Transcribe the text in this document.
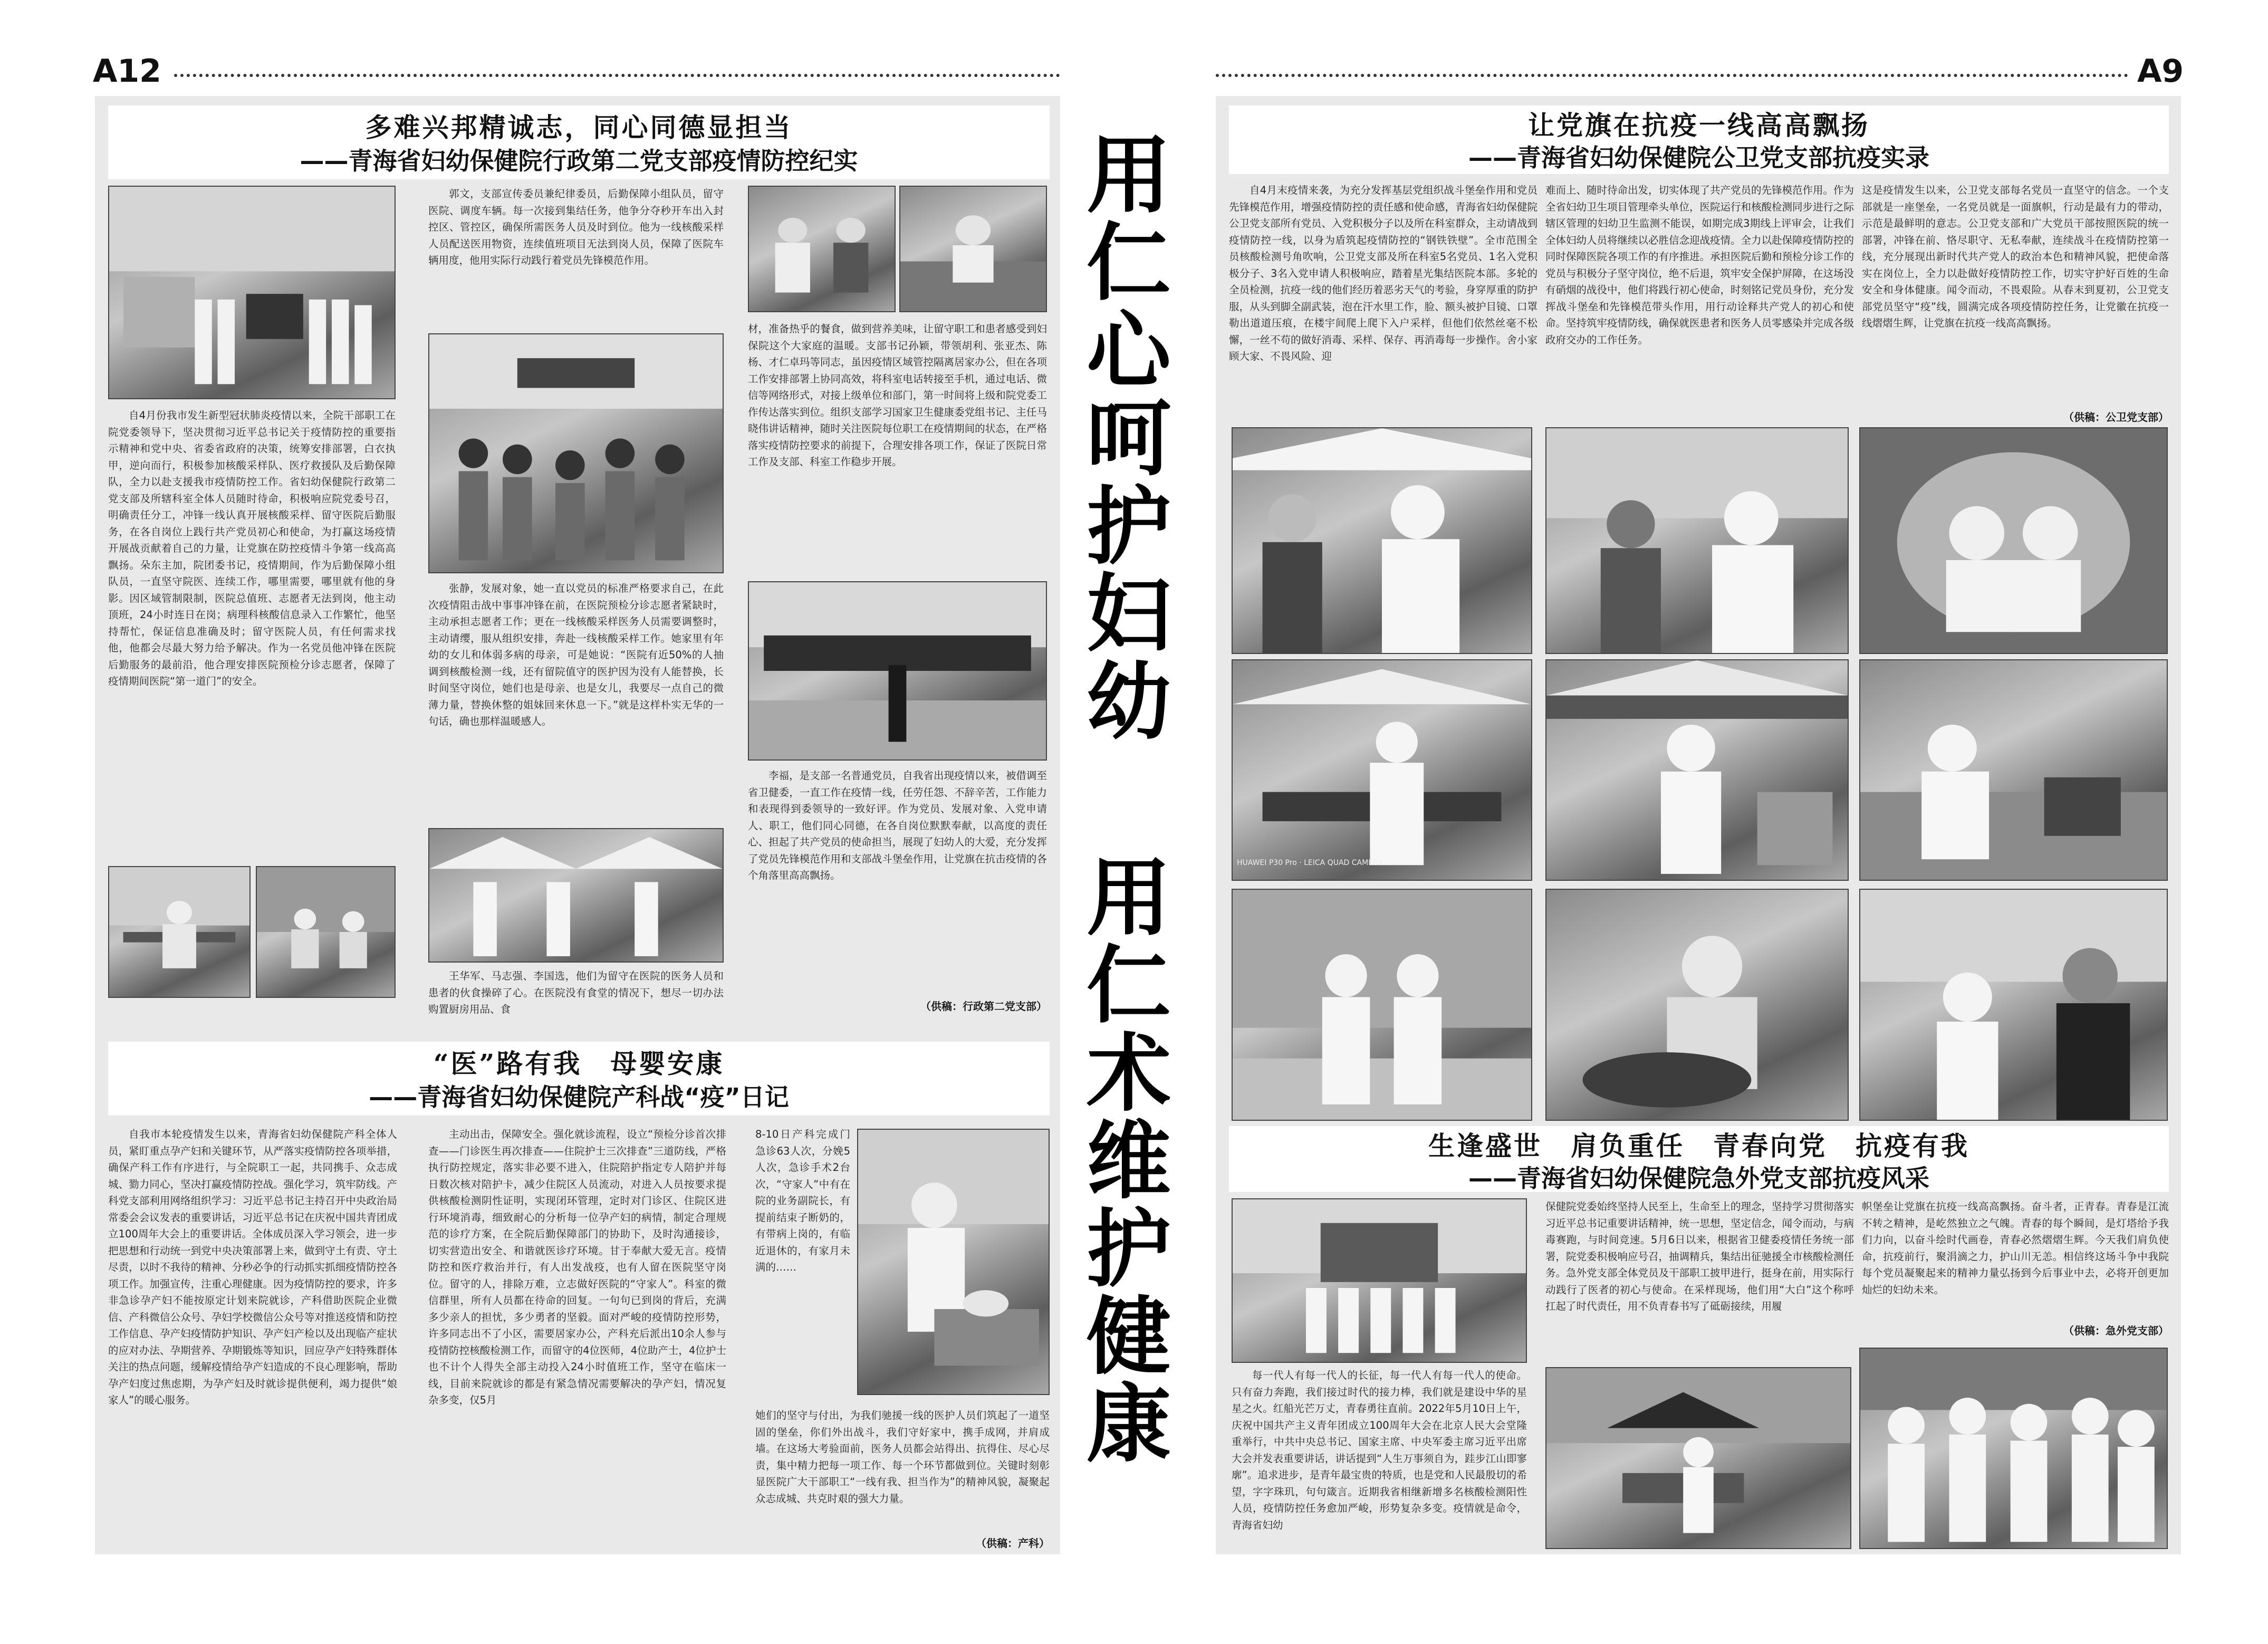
A12
多难兴邦精诚志，同心同德显担当
——青海省妇幼保健院行政第二党支部疫情防控纪实
自4月份我市发生新型冠状肺炎疫情以来，全院干部职工在院党委领导下，坚决贯彻习近平总书记关于疫情防控的重要指示精神和党中央、省委省政府的决策，统筹安排部署，白衣执甲，逆向而行，积极参加核酸采样队、医疗救援队及后勤保障队，全力以赴支援我市疫情防控工作。省妇幼保健院行政第二党支部及所辖科室全体人员随时待命，积极响应院党委号召，明确责任分工，冲锋一线认真开展核酸采样、留守医院后勤服务，在各自岗位上践行共产党员初心和使命，为打赢这场疫情开展战贡献着自己的力量，让党旗在防控疫情斗争第一线高高飘扬。朵东主加，院团委书记，疫情期间，作为后勤保障小组队员，一直坚守院医、连续工作，哪里需要，哪里就有他的身影。因区域管制限制，医院总值班、志愿者无法到岗，他主动顶班，24小时连日在岗；病理科核酸信息录入工作繁忙，他坚持帮忙，保证信息准确及时；留守医院人员，有任何需求找他，他都会尽最大努力给予解决。作为一名党员他冲锋在医院后勤服务的最前沿，他合理安排医院预检分诊志愿者，保障了疫情期间医院“第一道门”的安全。
郭文，支部宣传委员兼纪律委员，后勤保障小组队员，留守医院、调度车辆。每一次接到集结任务，他争分夺秒开车出入封控区、管控区，确保所需医务人员及时到位。他为一线核酸采样人员配送医用物资，连续值班项目无法到岗人员，保障了医院车辆用度，他用实际行动践行着党员先锋模范作用。
张静，发展对象，她一直以党员的标准严格要求自己，在此次疫情阻击战中事事冲锋在前，在医院预检分诊志愿者紧缺时，主动承担志愿者工作；更在一线核酸采样医务人员需要调整时，主动请缨，服从组织安排，奔赴一线核酸采样工作。她家里有年幼的女儿和体弱多病的母亲，可是她说：“医院有近50%的人抽调到核酸检测一线，还有留院值守的医护因为没有人能替换，长时间坚守岗位，她们也是母亲、也是女儿，我要尽一点自己的微薄力量，替换休整的姐妹回来休息一下。”就是这样朴实无华的一句话，确也那样温暖感人。
王华军、马志强、李国选，他们为留守在医院的医务人员和患者的伙食操碎了心。在医院没有食堂的情况下，想尽一切办法购置厨房用品、食
材，准备热乎的餐食，做到营养美味，让留守职工和患者感受到妇保院这个大家庭的温暖。支部书记孙颖，带领胡利、张亚杰、陈杨、才仁卓玛等同志，虽因疫情区域管控隔离居家办公，但在各项工作安排部署上协同高效，将科室电话转接至手机，通过电话、微信等网络形式，对接上级单位和部门，第一时间将上级和院党委工作传达落实到位。组织支部学习国家卫生健康委党组书记、主任马晓伟讲话精神，随时关注医院每位职工在疫情期间的状态，在严格落实疫情防控要求的前提下，合理安排各项工作，保证了医院日常工作及支部、科室工作稳步开展。
李福，是支部一名普通党员，自我省出现疫情以来，被借调至省卫健委，一直工作在疫情一线，任劳任怨、不辞辛苦，工作能力和表现得到委领导的一致好评。作为党员、发展对象、入党申请人、职工，他们同心同德，在各自岗位默默奉献，以高度的责任心、担起了共产党员的使命担当，展现了妇幼人的大爱，充分发挥了党员先锋模范作用和支部战斗堡垒作用，让党旗在抗击疫情的各个角落里高高飘扬。
（供稿：行政第二党支部）
“医”路有我　母婴安康
——青海省妇幼保健院产科战“疫”日记
自我市本轮疫情发生以来，青海省妇幼保健院产科全体人员，紧盯重点孕产妇和关键环节，从严落实疫情防控各项举措，确保产科工作有序进行，与全院职工一起，共同携手、众志成城、勠力同心，坚决打赢疫情防控战。强化学习，筑牢防线。产科党支部利用网络组织学习：习近平总书记主持召开中央政治局常委会会议发表的重要讲话，习近平总书记在庆祝中国共青团成立100周年大会上的重要讲话。全体成员深入学习领会，进一步把思想和行动统一到党中央决策部署上来，做到守土有责、守土尽责，以时不我待的精神、分秒必争的行动抓实抓细疫情防控各项工作。加强宣传，注重心理健康。因为疫情防控的要求，许多非急诊孕产妇不能按原定计划来院就诊，产科借助医院企业微信、产科微信公众号、孕妇学校微信公众号等对推送疫情和防控工作信息、孕产妇疫情防护知识、孕产妇产检以及出现临产症状的应对办法、孕期营养、孕期锻炼等知识，回应孕产妇特殊群体关注的热点问题，缓解疫情给孕产妇造成的不良心理影响，帮助孕产妇度过焦虑期，为孕产妇及时就诊提供便利，竭力提供“娘家人”的暖心服务。
主动出击，保障安全。强化就诊流程，设立“预检分诊首次排查——门诊医生再次排查——住院护士三次排查”三道防线，严格执行防控规定，落实非必要不进入，住院陪护指定专人陪护并每日数次核对陪护卡，减少住院区人员流动，对进入人员按要求提供核酸检测阴性证明，实现闭环管理，定时对门诊区、住院区进行环境消毒，细致耐心的分析每一位孕产妇的病情，制定合理规范的诊疗方案，在全院后勤保障部门的协助下，及时沟通接诊，切实营造出安全、和谐就医诊疗环境。甘于奉献大爱无言。疫情防控和医疗救治并行，有人出发战疫，也有人留在医院坚守岗位。留守的人，排除万难，立志做好医院的“守家人”。科室的微信群里，所有人员都在待命的回复。一句句已到岗的背后，充满多少亲人的担忧，多少勇者的坚毅。面对严峻的疫情防控形势，许多同志出不了小区，需要居家办公，产科充后派出10余人参与疫情防控核酸检测工作，而留守的4位医师，4位助产士，4位护士也不计个人得失全部主动投入24小时值班工作，坚守在临床一线，目前来院就诊的都是有紧急情况需要解决的孕产妇，情况复杂多变，仅5月
8-10日产科完成门急诊63人次，分娩5人次，急诊手术2台次，“守家人”中有在院的业务副院长，有提前结束子断奶的，有带病上岗的，有临近退休的，有家月未满的……
她们的坚守与付出，为我们驰援一线的医护人员们筑起了一道坚固的堡垒，你们外出战斗，我们守好家中，携手成网，并肩成墙。在这场大考验面前，医务人员都会站得出、抗得住、尽心尽责，集中精力把每一项工作、每一个环节都做到位。关键时刻彰显医院广大干部职工“一线有我、担当作为”的精神风貌，凝聚起众志成城、共克时艰的强大力量。
（供稿：产科）
用
仁
心
呵
护
妇
幼
用
仁
术
维
护
健
康
A9
让党旗在抗疫一线高高飘扬
——青海省妇幼保健院公卫党支部抗疫实录
自4月末疫情来袭，为充分发挥基层党组织战斗堡垒作用和党员先锋模范作用，增强疫情防控的责任感和使命感，青海省妇幼保健院公卫党支部所有党员、入党积极分子以及所在科室群众，主动请战到疫情防控一线，以身为盾筑起疫情防控的“钢铁铁壁”。全市范围全员核酸检测号角吹响，公卫党支部及所在科室5名党员、1名入党积极分子、3名入党申请人积极响应，踏着星光集结医院本部。多轮的全员检测，抗疫一线的他们经历着恶劣天气的考验，身穿厚重的防护服，从头到脚全副武装，泡在汗水里工作，脸、额头被护目镜、口罩勒出道道压痕，在楼宇间爬上爬下入户采样，但他们依然丝毫不松懈，一丝不苟的做好消毒、采样、保存、再消毒每一步操作。舍小家顾大家、不畏风险、迎
难而上、随时待命出发，切实体现了共产党员的先锋模范作用。作为全省妇幼卫生项目管理牵头单位，医院运行和核酸检测同步进行之际辖区管理的妇幼卫生监测不能误，如期完成3期线上评审会，让我们全体妇幼人员将继续以必胜信念迎战疫情。全力以赴保障疫情防控的同时保障医院各项工作的有序推进。承担医院后勤和预检分诊工作的党员与积极分子坚守岗位，绝不后退，筑牢安全保护屏障，在这场没有硝烟的战役中，他们将践行初心使命，时刻铭记党员身份，充分发挥战斗堡垒和先锋模范带头作用，用行动诠释共产党人的初心和使命。坚持筑牢疫情防线，确保就医患者和医务人员零感染并完成各级政府交办的工作任务。
这是疫情发生以来，公卫党支部每名党员一直坚守的信念。一个支部就是一座堡垒，一名党员就是一面旗帜，行动是最有力的带动，示范是最鲜明的意志。公卫党支部和广大党员干部按照医院的统一部署，冲锋在前、恪尽职守、无私奉献，连续战斗在疫情防控第一线，充分展现出新时代共产党人的政治本色和精神风貌，把使命落实在岗位上，全力以赴做好疫情防控工作，切实守护好百姓的生命安全和身体健康。闻令而动，不畏艰险。从春末到夏初，公卫党支部党员坚守“疫”线，圆满完成各项疫情防控任务，让党徽在抗疫一线熠熠生辉，让党旗在抗疫一线高高飘扬。
（供稿：公卫党支部）
HUAWEI P30 Pro · LEICA QUAD CAMERA
生逢盛世　肩负重任　青春向党　抗疫有我
——青海省妇幼保健院急外党支部抗疫风采
保健院党委始终坚持人民至上，生命至上的理念，坚持学习贯彻落实习近平总书记重要讲话精神，统一思想，坚定信念，闻令而动，与病毒赛跑，与时间竞速。5月6日以来，根据省卫健委疫情任务统一部署，院党委积极响应号召，抽调精兵，集结出征驰援全市核酸检测任务。急外党支部全体党员及干部职工披甲进行，挺身在前，用实际行动践行了医者的初心与使命。在采样现场，他们用“大白”这个称呼扛起了时代责任，用不负青春书写了砥砺接续，用履
帜堡垒让党旗在抗疫一线高高飘扬。奋斗者，正青春。青春是江流不转之精神，是屹然独立之气魄。青春的每个瞬间，是灯塔给予我们力向，以奋斗绘时代画卷，青春必然熠熠生辉。今天我们肩负使命，抗疫前行，聚涓滴之力，护山川无恙。相信终这场斗争中我院每个党员凝聚起来的精神力量弘扬到今后事业中去，必将开创更加灿烂的妇幼未来。
（供稿：急外党支部）
每一代人有每一代人的长征，每一代人有每一代人的使命。只有奋力奔跑，我们接过时代的接力棒，我们就是建设中华的星星之火。红船光芒万丈，青春勇往直前。2022年5月10日上午，庆祝中国共产主义青年团成立100周年大会在北京人民大会堂隆重举行，中共中央总书记、国家主席、中央军委主席习近平出席大会并发表重要讲话，讲话提到“人生万事须自为，跬步江山即寥廓”。追求进步，是青年最宝贵的特质，也是党和人民最殷切的希望，字字珠玑，句句箴言。近期我省相继新增多名核酸检测阳性人员，疫情防控任务愈加严峻，形势复杂多变。疫情就是命令，青海省妇幼
